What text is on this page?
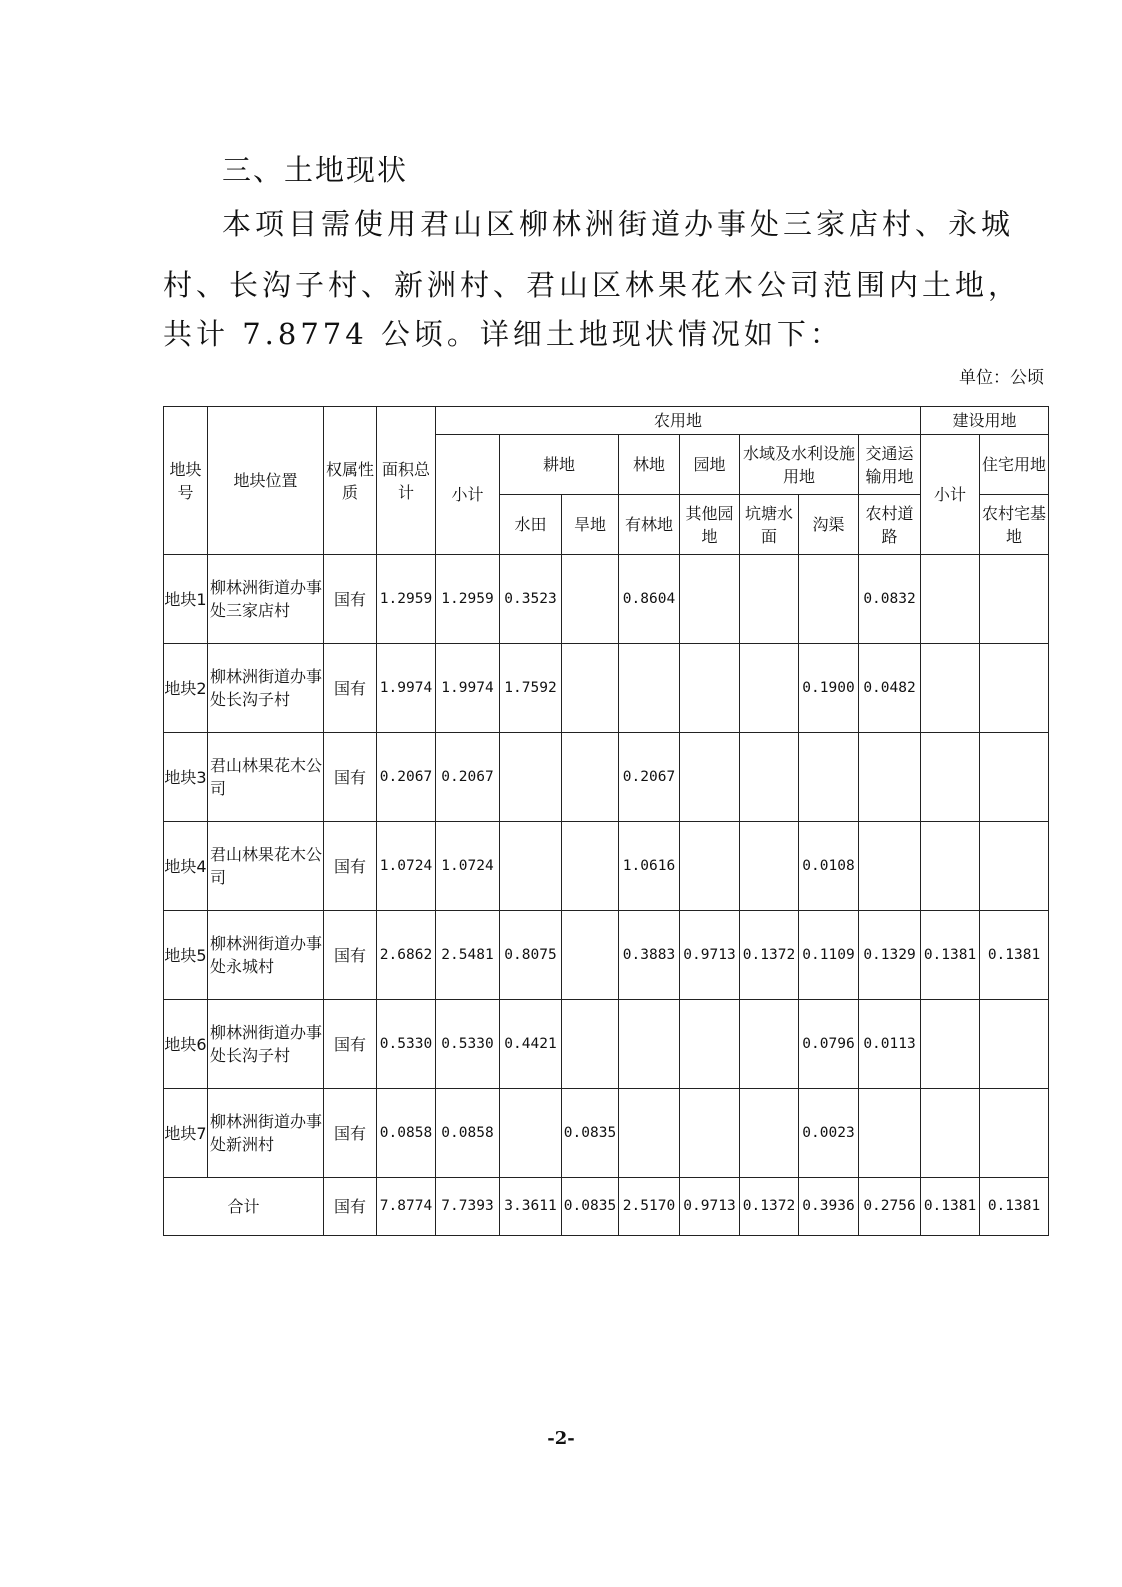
三、土地现状
本项目需使用君山区柳林洲街道办事处三家店村、永城
村、长沟子村、新洲村、君山区林果花木公司范围内土地，
共计 7.8774 公顷。详细土地现状情况如下：
单位：公顷
地块号	地块位置	权属性质	面积总计	农用地								建设用地	
				小计	耕地		林地	园地	水域及水利设施用地		交通运输用地	小计	住宅用地
					水田	旱地	有林地	其他园地	坑塘水面	沟渠	农村道路		农村宅基地
地块1	柳林洲街道办事处三家店村	国有	1.2959	1.2959	0.3523		0.8604				0.0832		
地块2	柳林洲街道办事处长沟子村	国有	1.9974	1.9974	1.7592					0.1900	0.0482		
地块3	君山林果花木公司	国有	0.2067	0.2067			0.2067						
地块4	君山林果花木公司	国有	1.0724	1.0724			1.0616			0.0108			
地块5	柳林洲街道办事处永城村	国有	2.6862	2.5481	0.8075		0.3883	0.9713	0.1372	0.1109	0.1329	0.1381	0.1381
地块6	柳林洲街道办事处长沟子村	国有	0.5330	0.5330	0.4421					0.0796	0.0113		
地块7	柳林洲街道办事处新洲村	国有	0.0858	0.0858		0.0835				0.0023			
合计		国有	7.8774	7.7393	3.3611	0.0835	2.5170	0.9713	0.1372	0.3936	0.2756	0.1381	0.1381
-2-
